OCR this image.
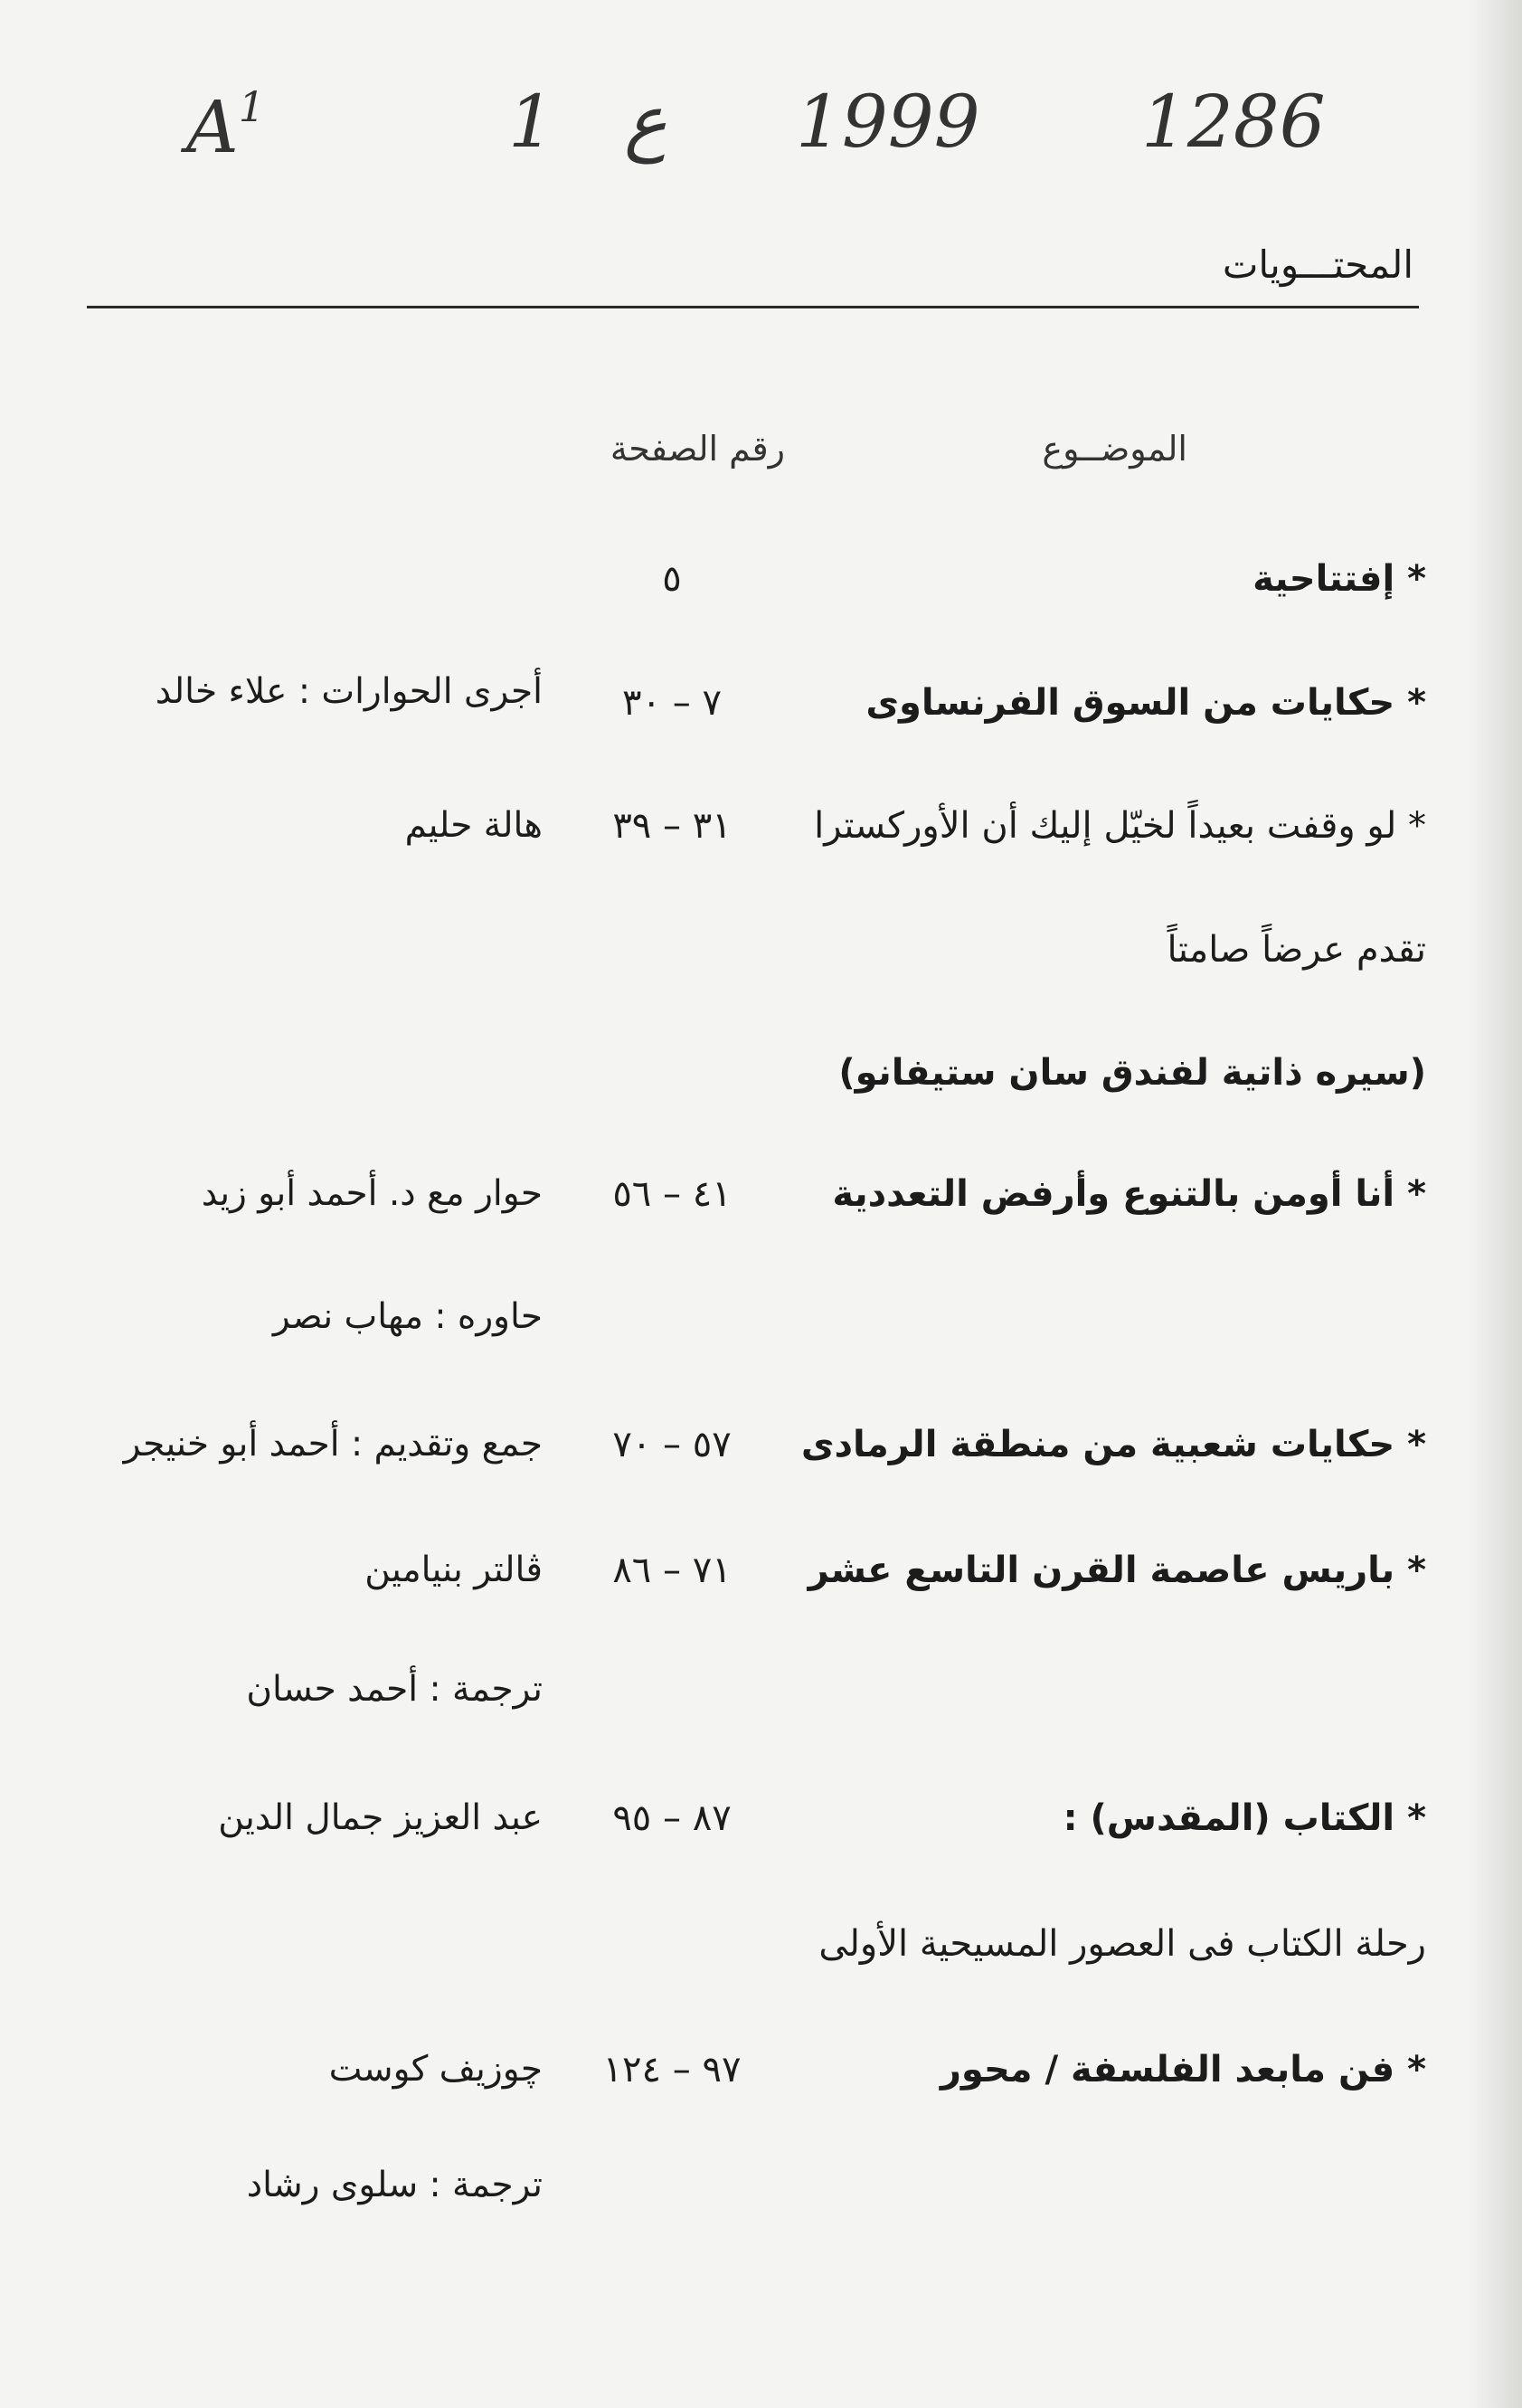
$A^1$	1 ع 1999 1286
المحتـــويات
الموضــوع
رقم الصفحة
* إفتتاحية
٥
* حكايات من السوق الفرنساوى
٧ – ٣٠
أجرى الحوارات : علاء خالد
* لو وقفت بعيداً لخيّل إليك أن الأوركسترا
٣١ – ٣٩
هالة حليم
تقدم عرضاً صامتاً
(سيره ذاتية لفندق سان ستيفانو)
* أنا أومن بالتنوع وأرفض التعددية
٤١ – ٥٦
حوار مع د. أحمد أبو زيد
حاوره : مهاب نصر
* حكايات شعبية من منطقة الرمادى
٥٧ – ٧٠
جمع وتقديم : أحمد أبو خنيجر
* باريس عاصمة القرن التاسع عشر
٧١ – ٨٦
ڤالتر بنيامين
ترجمة : أحمد حسان
* الكتاب (المقدس) :
٨٧ – ٩٥
عبد العزيز جمال الدين
رحلة الكتاب فى العصور المسيحية الأولى
* فن مابعد الفلسفة / محور
٩٧ – ١٢٤
چوزيف كوست
ترجمة : سلوى رشاد
